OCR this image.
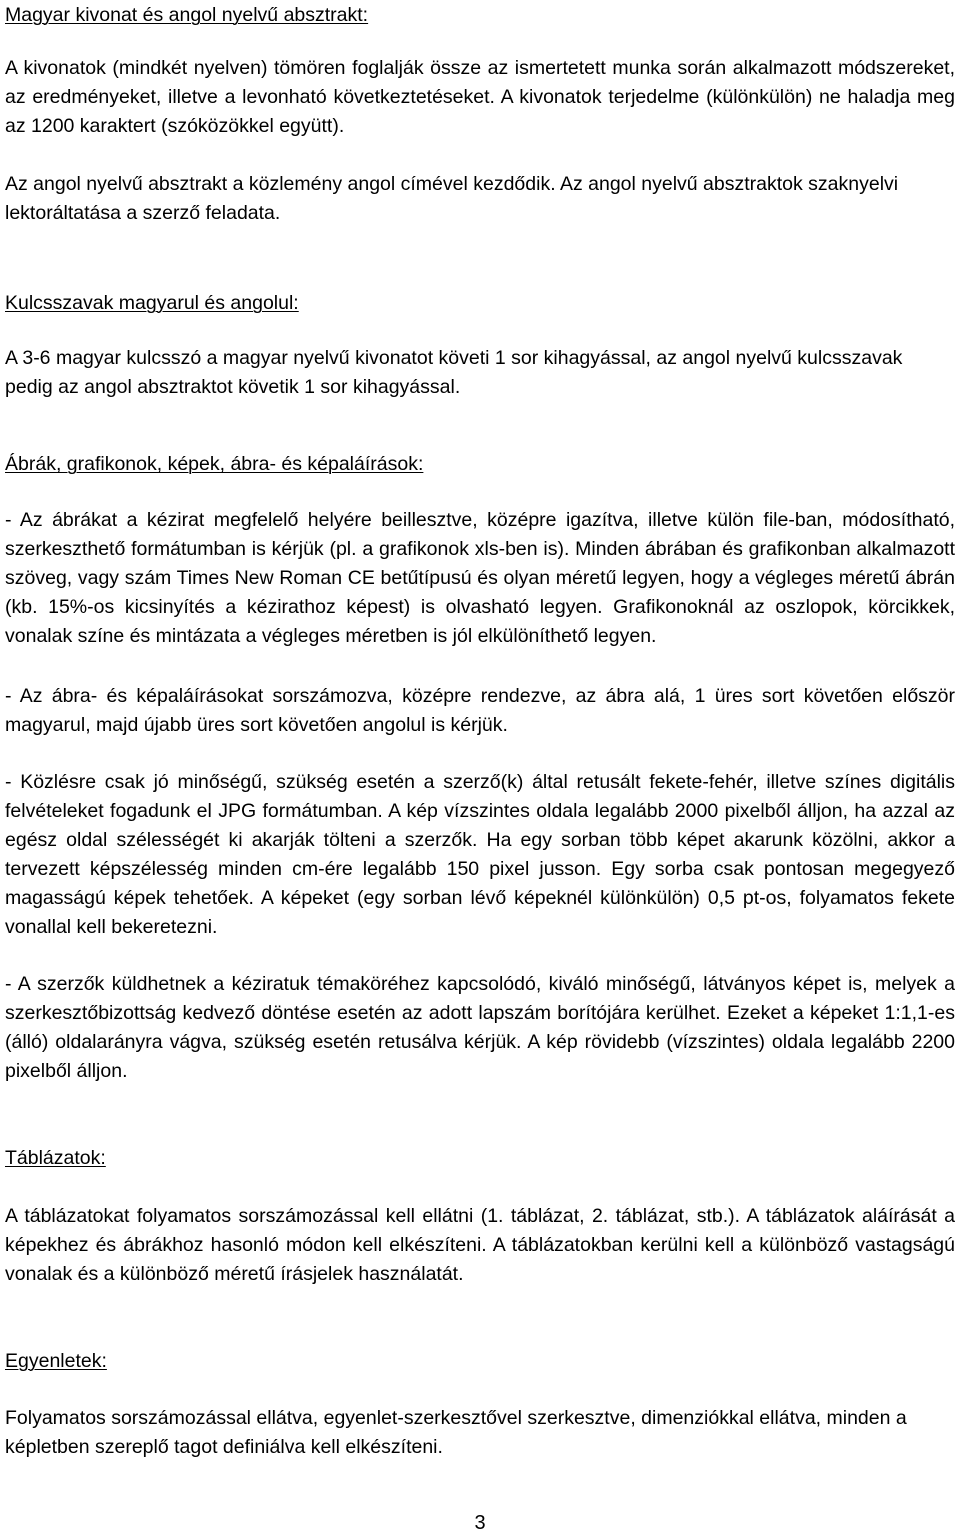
Magyar kivonat és angol nyelvű absztrakt:

A kivonatok (mindkét nyelven) tömören foglalják össze az ismertetett munka során alkalmazott módszereket, az eredményeket, illetve a levonható következtetéseket. A kivonatok terjedelme (különkülön) ne haladja meg az 1200 karaktert (szóközökkel együtt).

Az angol nyelvű absztrakt a közlemény angol címével kezdődik. Az angol nyelvű absztraktok szaknyelvi lektoráltatása a szerző feladata.

Kulcsszavak magyarul és angolul:

A 3-6 magyar kulcsszó a magyar nyelvű kivonatot követi 1 sor kihagyással, az angol nyelvű kulcsszavak pedig az angol absztraktot követik 1 sor kihagyással.

Ábrák, grafikonok, képek, ábra- és képaláírások:

- Az ábrákat a kézirat megfelelő helyére beillesztve, középre igazítva, illetve külön file-ban, módosítható, szerkeszthető formátumban is kérjük (pl. a grafikonok xls-ben is). Minden ábrában és grafikonban alkalmazott szöveg, vagy szám Times New Roman CE betűtípusú és olyan méretű legyen, hogy a végleges méretű ábrán (kb. 15%-os kicsinyítés a kézirathoz képest) is olvasható legyen. Grafikonoknál az oszlopok, körcikkek, vonalak színe és mintázata a végleges méretben is jól elkülöníthető legyen.

- Az ábra- és képaláírásokat sorszámozva, középre rendezve, az ábra alá, 1 üres sort követően először magyarul, majd újabb üres sort követően angolul is kérjük.

- Közlésre csak jó minőségű, szükség esetén a szerző(k) által retusált fekete-fehér, illetve színes digitális felvételeket fogadunk el JPG formátumban. A kép vízszintes oldala legalább 2000 pixelből álljon, ha azzal az egész oldal szélességét ki akarják tölteni a szerzők. Ha egy sorban több képet akarunk közölni, akkor a tervezett képszélesség minden cm-ére legalább 150 pixel jusson. Egy sorba csak pontosan megegyező magasságú képek tehetőek. A képeket (egy sorban lévő képeknél különkülön) 0,5 pt-os, folyamatos fekete vonallal kell bekeretezni.

- A szerzők küldhetnek a kéziratuk témaköréhez kapcsolódó, kiváló minőségű, látványos képet is, melyek a szerkesztőbizottság kedvező döntése esetén az adott lapszám borítójára kerülhet. Ezeket a képeket 1:1,1-es (álló) oldalarányra vágva, szükség esetén retusálva kérjük. A kép rövidebb (vízszintes) oldala legalább 2200 pixelből álljon.

Táblázatok:

A táblázatokat folyamatos sorszámozással kell ellátni (1. táblázat, 2. táblázat, stb.). A táblázatok aláírását a képekhez és ábrákhoz hasonló módon kell elkészíteni. A táblázatokban kerülni kell a különböző vastagságú vonalak és a különböző méretű írásjelek használatát.

Egyenletek:

Folyamatos sorszámozással ellátva, egyenlet-szerkesztővel szerkesztve, dimenziókkal ellátva, minden a képletben szereplő tagot definiálva kell elkészíteni.

3
